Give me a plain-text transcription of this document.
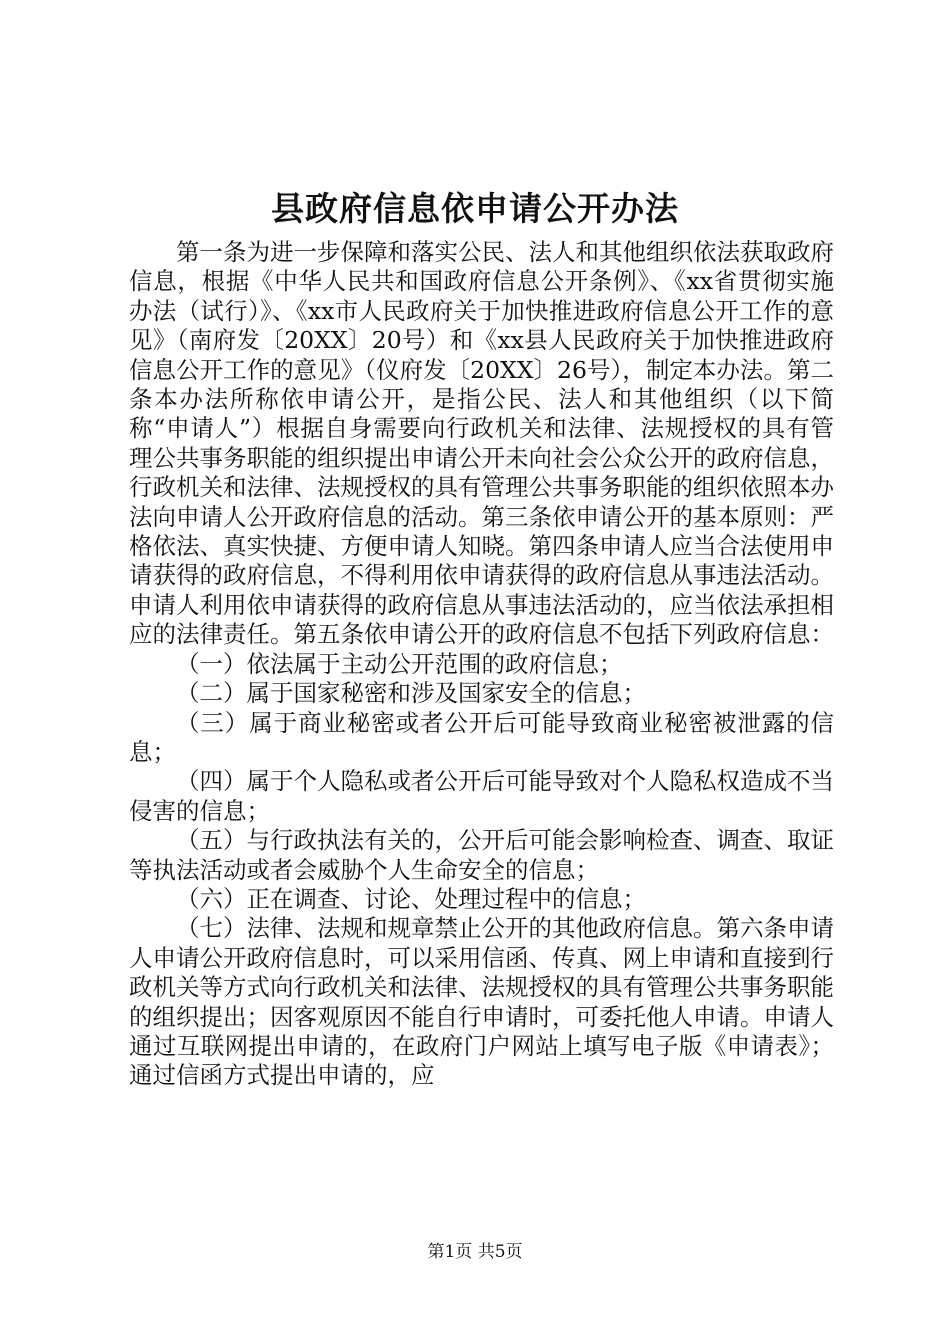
县政府信息依申请公开办法

第一条为进一步保障和落实公民、法人和其他组织依法获取政府信息，根据《中华人民共和国政府信息公开条例》、《xx省贯彻实施办法（试行）》、《xx市人民政府关于加快推进政府信息公开工作的意见》（南府发〔20XX〕20号）和《xx县人民政府关于加快推进政府信息公开工作的意见》（仪府发〔20XX〕26号），制定本办法。第二条本办法所称依申请公开，是指公民、法人和其他组织（以下简称“申请人”）根据自身需要向行政机关和法律、法规授权的具有管理公共事务职能的组织提出申请公开未向社会公众公开的政府信息，行政机关和法律、法规授权的具有管理公共事务职能的组织依照本办法向申请人公开政府信息的活动。第三条依申请公开的基本原则：严格依法、真实快捷、方便申请人知晓。第四条申请人应当合法使用申请获得的政府信息，不得利用依申请获得的政府信息从事违法活动。申请人利用依申请获得的政府信息从事违法活动的，应当依法承担相应的法律责任。第五条依申请公开的政府信息不包括下列政府信息：

（一）依法属于主动公开范围的政府信息；

（二）属于国家秘密和涉及国家安全的信息；

（三）属于商业秘密或者公开后可能导致商业秘密被泄露的信息；

（四）属于个人隐私或者公开后可能导致对个人隐私权造成不当侵害的信息；

（五）与行政执法有关的，公开后可能会影响检查、调查、取证等执法活动或者会威胁个人生命安全的信息；

（六）正在调查、讨论、处理过程中的信息；

（七）法律、法规和规章禁止公开的其他政府信息。第六条申请人申请公开政府信息时，可以采用信函、传真、网上申请和直接到行政机关等方式向行政机关和法律、法规授权的具有管理公共事务职能的组织提出；因客观原因不能自行申请时，可委托他人申请。申请人通过互联网提出申请的，在政府门户网站上填写电子版《申请表》；通过信函方式提出申请的，应

第1页 共5页
